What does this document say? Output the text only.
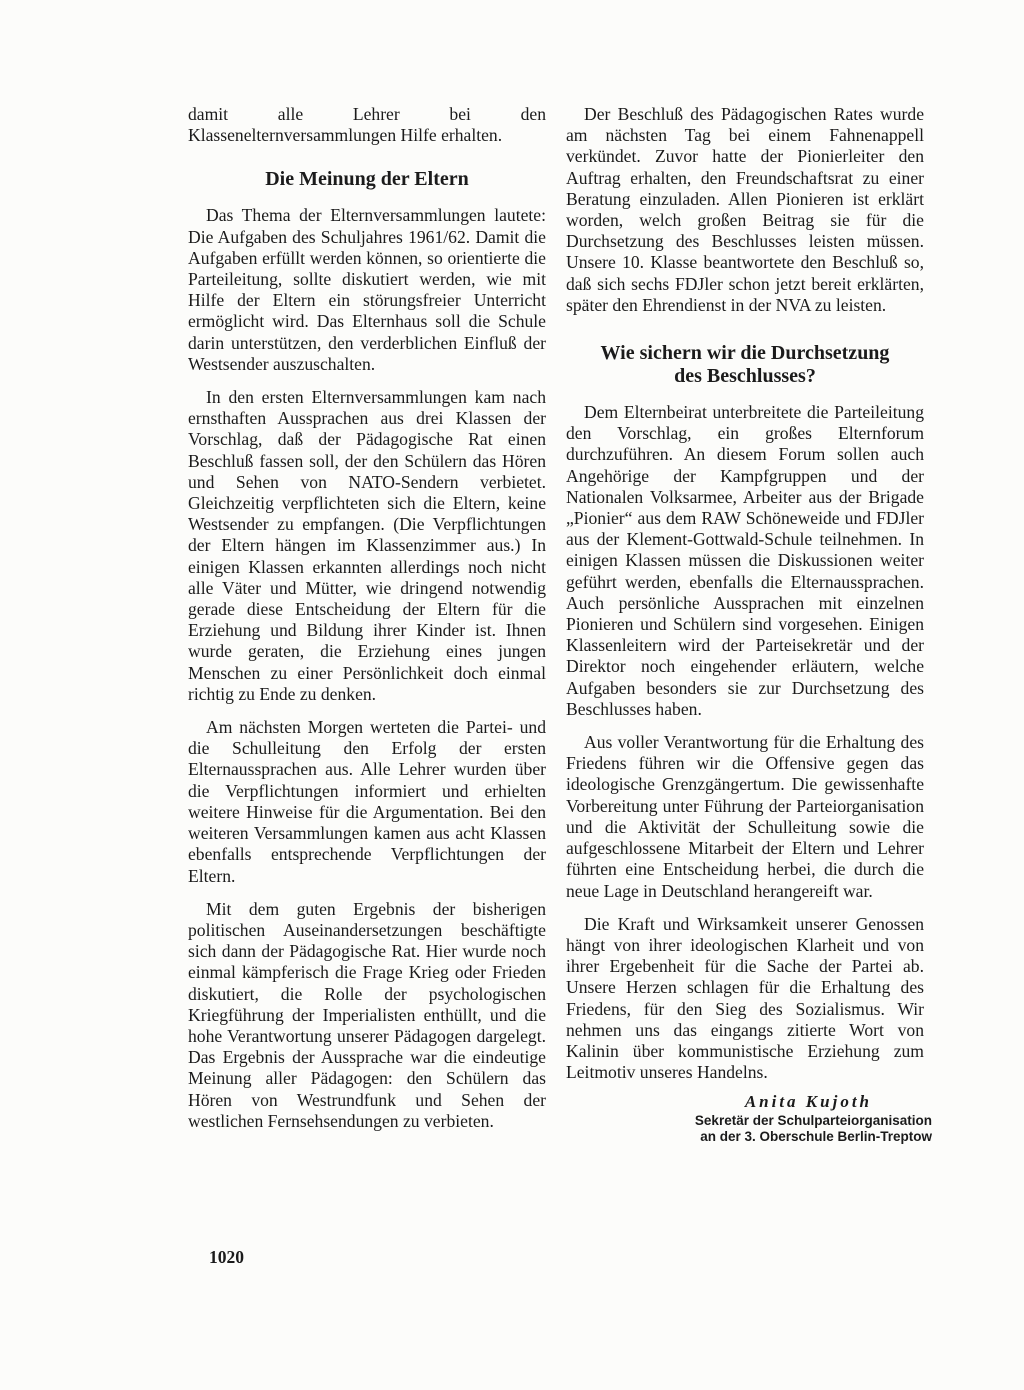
damit alle Lehrer bei den Klassenelternversammlungen Hilfe erhalten.

Die Meinung der Eltern

Das Thema der Elternversammlungen lautete: Die Aufgaben des Schuljahres 1961/62. Damit die Aufgaben erfüllt werden können, so orientierte die Parteileitung, sollte diskutiert werden, wie mit Hilfe der Eltern ein störungsfreier Unterricht ermöglicht wird. Das Elternhaus soll die Schule darin unterstützen, den verderblichen Einfluß der Westsender auszuschalten.

In den ersten Elternversammlungen kam nach ernsthaften Aussprachen aus drei Klassen der Vorschlag, daß der Pädagogische Rat einen Beschluß fassen soll, der den Schülern das Hören und Sehen von NATO-Sendern verbietet. Gleichzeitig verpflichteten sich die Eltern, keine Westsender zu empfangen. (Die Verpflichtungen der Eltern hängen im Klassenzimmer aus.) In einigen Klassen erkannten allerdings noch nicht alle Väter und Mütter, wie dringend notwendig gerade diese Entscheidung der Eltern für die Erziehung und Bildung ihrer Kinder ist. Ihnen wurde geraten, die Erziehung eines jungen Menschen zu einer Persönlichkeit doch einmal richtig zu Ende zu denken.

Am nächsten Morgen werteten die Partei- und die Schulleitung den Erfolg der ersten Elternaussprachen aus. Alle Lehrer wurden über die Verpflichtungen informiert und erhielten weitere Hinweise für die Argumentation. Bei den weiteren Versammlungen kamen aus acht Klassen ebenfalls entsprechende Verpflichtungen der Eltern.

Mit dem guten Ergebnis der bisherigen politischen Auseinandersetzungen beschäftigte sich dann der Pädagogische Rat. Hier wurde noch einmal kämpferisch die Frage Krieg oder Frieden diskutiert, die Rolle der psychologischen Kriegführung der Imperialisten enthüllt, und die hohe Verantwortung unserer Pädagogen dargelegt. Das Ergebnis der Aussprache war die eindeutige Meinung aller Pädagogen: den Schülern das Hören von Westrundfunk und Sehen der westlichen Fernsehsendungen zu verbieten.

Der Beschluß des Pädagogischen Rates wurde am nächsten Tag bei einem Fahnenappell verkündet. Zuvor hatte der Pionierleiter den Auftrag erhalten, den Freundschaftsrat zu einer Beratung einzuladen. Allen Pionieren ist erklärt worden, welch großen Beitrag sie für die Durchsetzung des Beschlusses leisten müssen. Unsere 10. Klasse beantwortete den Beschluß so, daß sich sechs FDJler schon jetzt bereit erklärten, später den Ehrendienst in der NVA zu leisten.

Wie sichern wir die Durchsetzung
des Beschlusses?

Dem Elternbeirat unterbreitete die Parteileitung den Vorschlag, ein großes Elternforum durchzuführen. An diesem Forum sollen auch Angehörige der Kampfgruppen und der Nationalen Volksarmee, Arbeiter aus der Brigade „Pionier“ aus dem RAW Schöneweide und FDJler aus der Klement-Gottwald-Schule teilnehmen. In einigen Klassen müssen die Diskussionen weiter geführt werden, ebenfalls die Elternaussprachen. Auch persönliche Aussprachen mit einzelnen Pionieren und Schülern sind vorgesehen. Einigen Klassenleitern wird der Parteisekretär und der Direktor noch eingehender erläutern, welche Aufgaben besonders sie zur Durchsetzung des Beschlusses haben.

Aus voller Verantwortung für die Erhaltung des Friedens führen wir die Offensive gegen das ideologische Grenzgängertum. Die gewissenhafte Vorbereitung unter Führung der Parteiorganisation und die Aktivität der Schulleitung sowie die aufgeschlossene Mitarbeit der Eltern und Lehrer führten eine Entscheidung herbei, die durch die neue Lage in Deutschland herangereift war.

Die Kraft und Wirksamkeit unserer Genossen hängt von ihrer ideologischen Klarheit und von ihrer Ergebenheit für die Sache der Partei ab. Unsere Herzen schlagen für die Erhaltung des Friedens, für den Sieg des Sozialismus. Wir nehmen uns das eingangs zitierte Wort von Kalinin über kommunistische Erziehung zum Leitmotiv unseres Handelns.

Anita Kujoth
Sekretär der Schulparteiorganisation
an der 3. Oberschule Berlin-Treptow
1020
